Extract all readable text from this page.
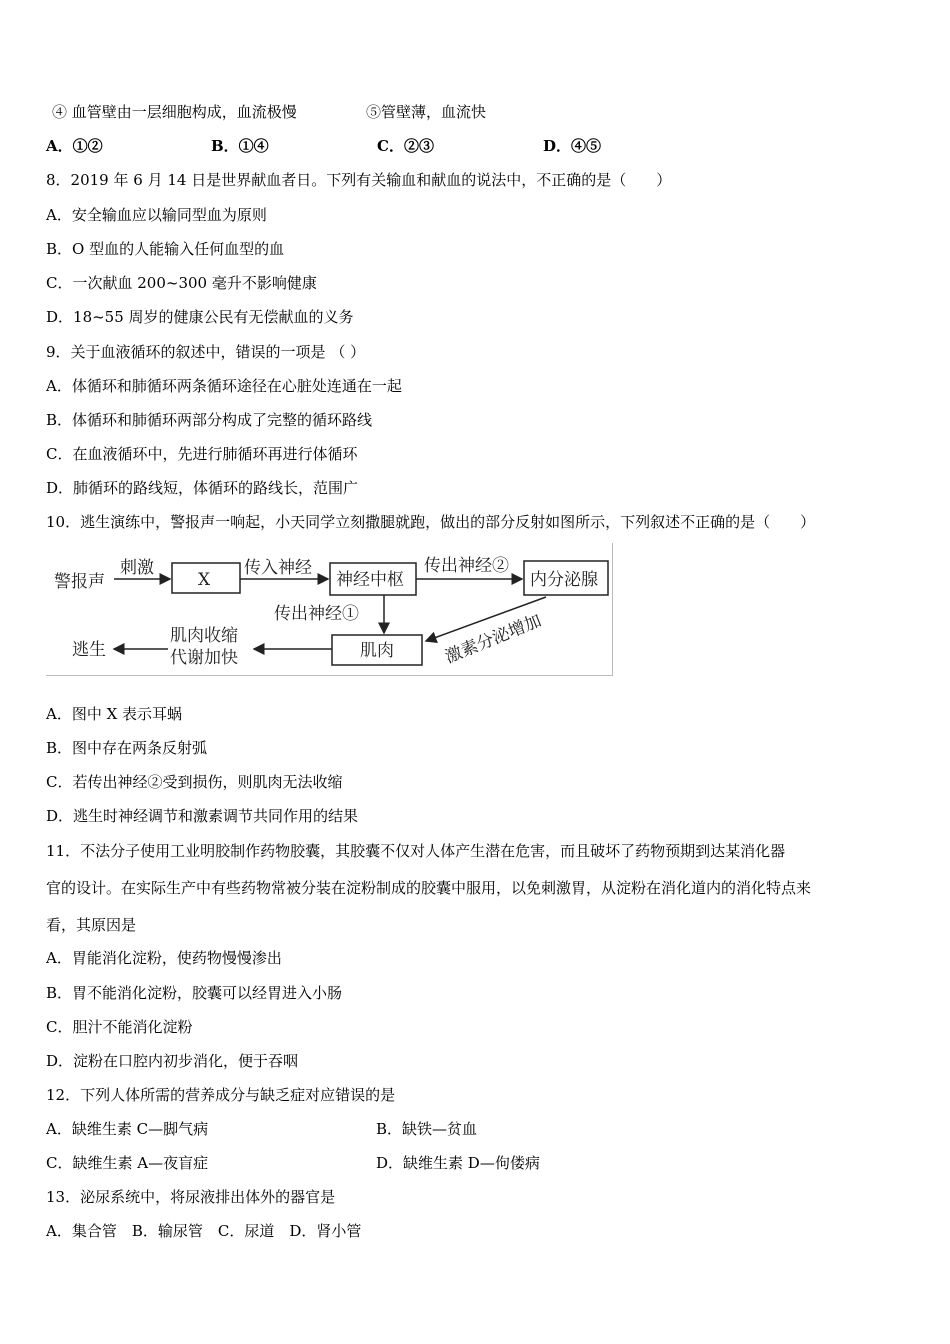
④ 血管壁由一层细胞构成，血流极慢	⑤管壁薄，血流快
A．①②	B．①④	C．②③	D．④⑤
8．2019 年 6 月 14 日是世界献血者日。下列有关输血和献血的说法中，不正确的是（　　）
A．安全输血应以输同型血为原则
B．O 型血的人能输入任何血型的血
C．一次献血 200~300 毫升不影响健康
D．18~55 周岁的健康公民有无偿献血的义务
9．关于血液循环的叙述中，错误的一项是 （ ）
A．体循环和肺循环两条循环途径在心脏处连通在一起
B．体循环和肺循环两部分构成了完整的循环路线
C．在血液循环中，先进行肺循环再进行体循环
D．肺循环的路线短，体循环的路线长，范围广
10．逃生演练中，警报声一响起，小天同学立刻撒腿就跑，做出的部分反射如图所示，下列叙述不正确的是（　　）
警报声
刺激
X
传入神经
神经中枢
传出神经②
内分泌腺
传出神经①
肌肉	激素分泌增加
肌肉收缩
代谢加快
逃生
A．图中 X 表示耳蜗
B．图中存在两条反射弧
C．若传出神经②受到损伤，则肌肉无法收缩
D．逃生时神经调节和激素调节共同作用的结果
11．不法分子使用工业明胶制作药物胶囊，其胶囊不仅对人体产生潜在危害，而且破坏了药物预期到达某消化器
官的设计。在实际生产中有些药物常被分装在淀粉制成的胶囊中服用，以免刺激胃，从淀粉在消化道内的消化特点来
看，其原因是
A．胃能消化淀粉，使药物慢慢渗出
B．胃不能消化淀粉，胶囊可以经胃进入小肠
C．胆汁不能消化淀粉
D．淀粉在口腔内初步消化，便于吞咽
12．下列人体所需的营养成分与缺乏症对应错误的是
A．缺维生素 C—脚气病	B．缺铁—贫血
C．缺维生素 A—夜盲症	D．缺维生素 D—佝偻病
13．泌尿系统中，将尿液排出体外的器官是
A．集合管　B．输尿管　C．尿道　D．肾小管
